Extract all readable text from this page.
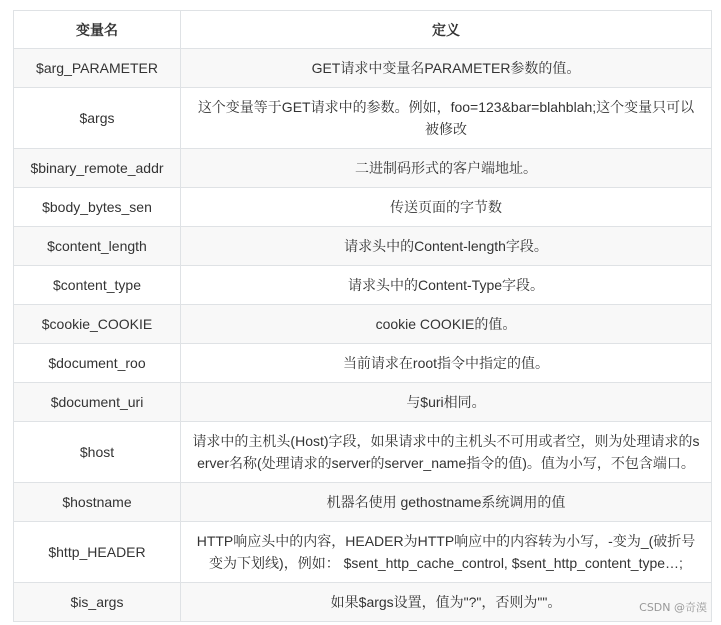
变量名	定义
$arg_PARAMETER	GET请求中变量名PARAMETER参数的值。
$args	这个变量等于GET请求中的参数。例如，foo=123&bar=blahblah;这个变量只可以被修改
$binary_remote_addr	二进制码形式的客户端地址。
$body_bytes_sen	传送页面的字节数
$content_length	请求头中的Content-length字段。
$content_type	请求头中的Content-Type字段。
$cookie_COOKIE	cookie COOKIE的值。
$document_roo	当前请求在root指令中指定的值。
$document_uri	与$uri相同。
$host	请求中的主机头(Host)字段，如果请求中的主机头不可用或者空，则为处理请求的server名称(处理请求的server的server_name指令的值)。值为小写，不包含端口。
$hostname	机器名使用 gethostname系统调用的值
$http_HEADER	HTTP响应头中的内容，HEADER为HTTP响应中的内容转为小写，-变为_(破折号变为下划线)，例如： $sent_http_cache_control, $sent_http_content_type…;
$is_args	如果$args设置，值为"?"，否则为""。	CSDN @奇漠
